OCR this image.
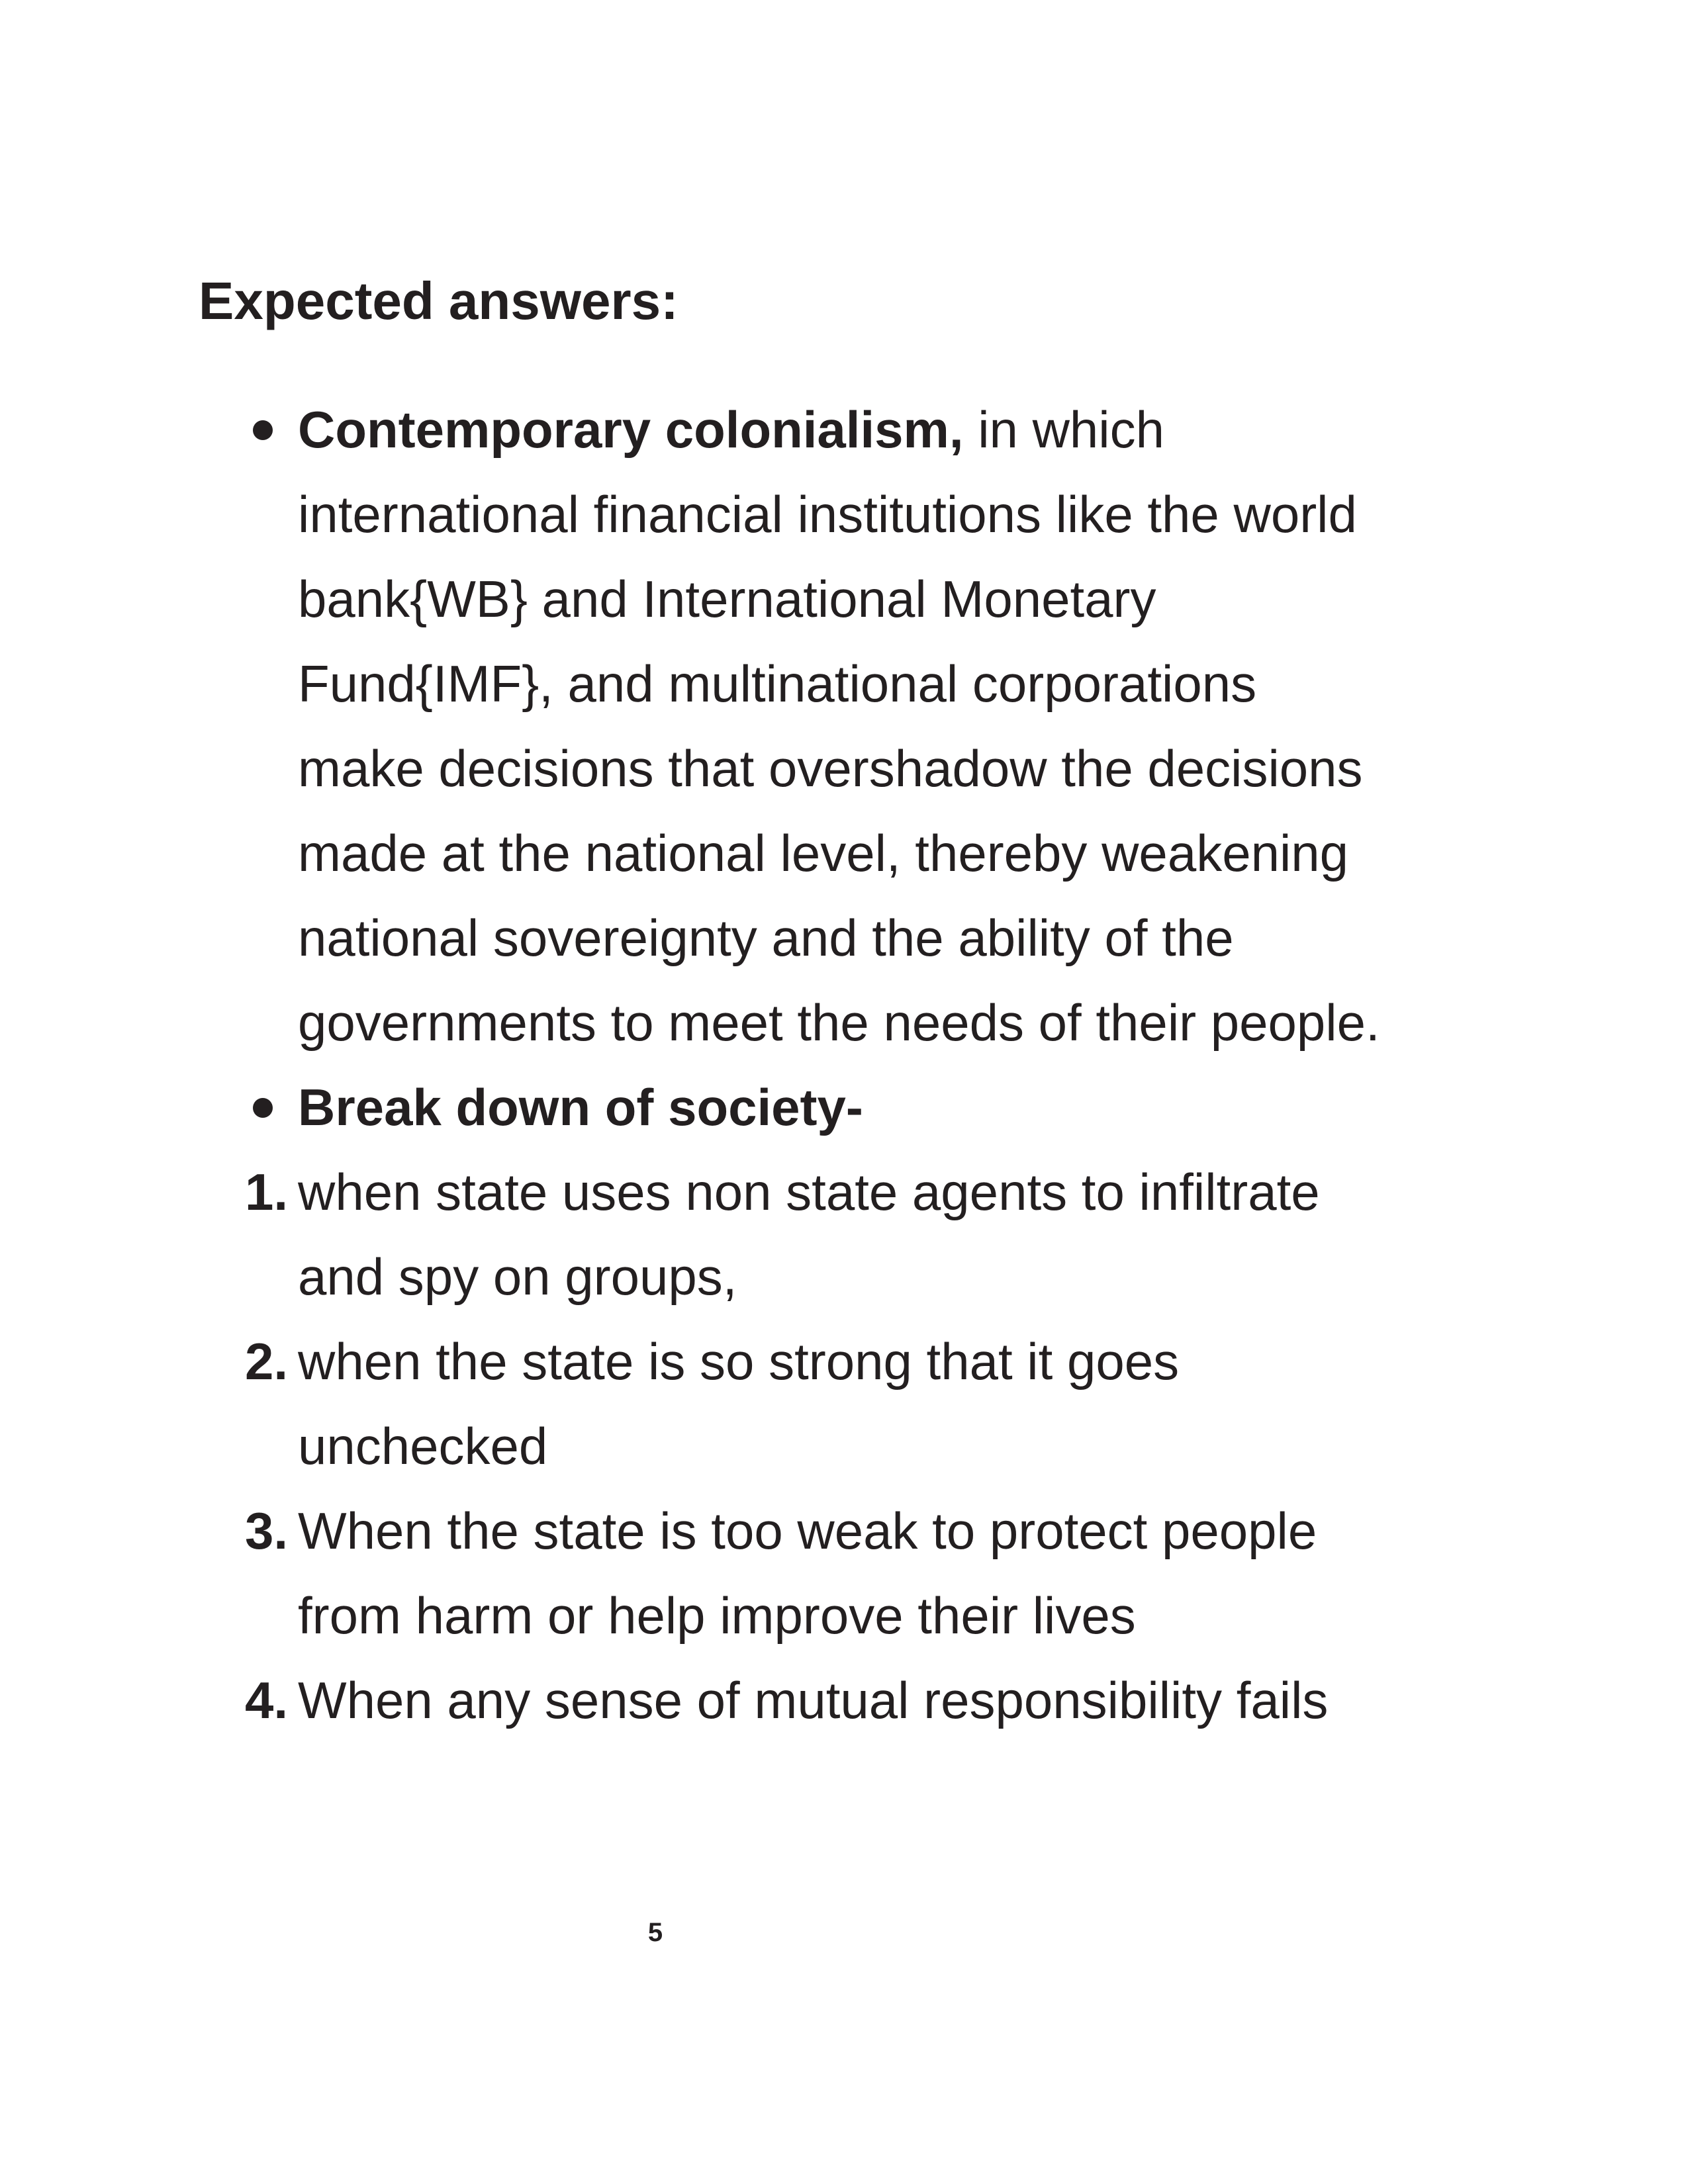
Expected answers:
Contemporary colonialism, in which
international financial institutions like the world
bank{WB} and International Monetary
Fund{IMF}, and multinational corporations
make decisions that overshadow the decisions
made at the national level, thereby weakening
national sovereignty and the ability of the
governments to meet the needs of their people.
Break down of society-
1. when state uses non state agents to infiltrate
and spy on groups,
2. when the state is so strong that it goes
unchecked
3. When the state is too weak to protect people
from harm or help improve their lives
4. When any sense of mutual responsibility fails
5
